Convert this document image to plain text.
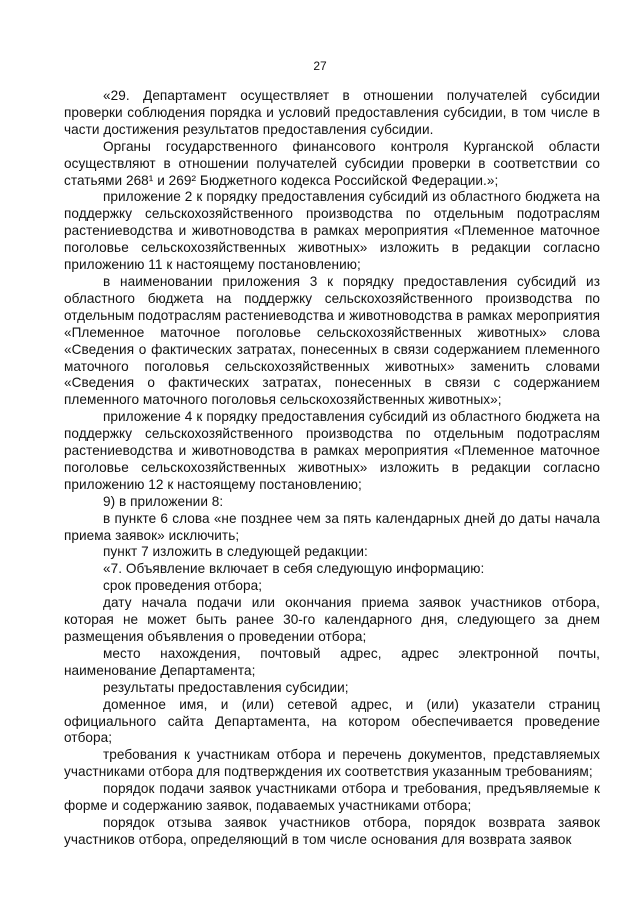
27

«29. Департамент осуществляет в отношении получателей субсидии проверки соблюдения порядка и условий предоставления субсидии, в том числе в части достижения результатов предоставления субсидии.

Органы государственного финансового контроля Курганской области осуществляют в отношении получателей субсидии проверки в соответствии со статьями 268¹ и 269² Бюджетного кодекса Российской Федерации.»;

приложение 2 к порядку предоставления субсидий из областного бюджета на поддержку сельскохозяйственного производства по отдельным подотраслям растениеводства и животноводства в рамках мероприятия «Племенное маточное поголовье сельскохозяйственных животных» изложить в редакции согласно приложению 11 к настоящему постановлению;

в наименовании приложения 3 к порядку предоставления субсидий из областного бюджета на поддержку сельскохозяйственного производства по отдельным подотраслям растениеводства и животноводства в рамках мероприятия «Племенное маточное поголовье сельскохозяйственных животных» слова «Сведения о фактических затратах, понесенных в связи содержанием племенного маточного поголовья сельскохозяйственных животных» заменить словами «Сведения о фактических затратах, понесенных в связи с содержанием племенного маточного поголовья сельскохозяйственных животных»;

приложение 4 к порядку предоставления субсидий из областного бюджета на поддержку сельскохозяйственного производства по отдельным подотраслям растениеводства и животноводства в рамках мероприятия «Племенное маточное поголовье сельскохозяйственных животных» изложить в редакции согласно приложению 12 к настоящему постановлению;

9) в приложении 8:

в пункте 6 слова «не позднее чем за пять календарных дней до даты начала приема заявок» исключить;

пункт 7 изложить в следующей редакции:

«7. Объявление включает в себя следующую информацию:

срок проведения отбора;

дату начала подачи или окончания приема заявок участников отбора, которая не может быть ранее 30-го календарного дня, следующего за днем размещения объявления о проведении отбора;

место нахождения, почтовый адрес, адрес электронной почты, наименование Департамента;

результаты предоставления субсидии;

доменное имя, и (или) сетевой адрес, и (или) указатели страниц официального сайта Департамента, на котором обеспечивается проведение отбора;

требования к участникам отбора и перечень документов, представляемых участниками отбора для подтверждения их соответствия указанным требованиям;

порядок подачи заявок участниками отбора и требования, предъявляемые к форме и содержанию заявок, подаваемых участниками отбора;

порядок отзыва заявок участников отбора, порядок возврата заявок участников отбора, определяющий в том числе основания для возврата заявок
